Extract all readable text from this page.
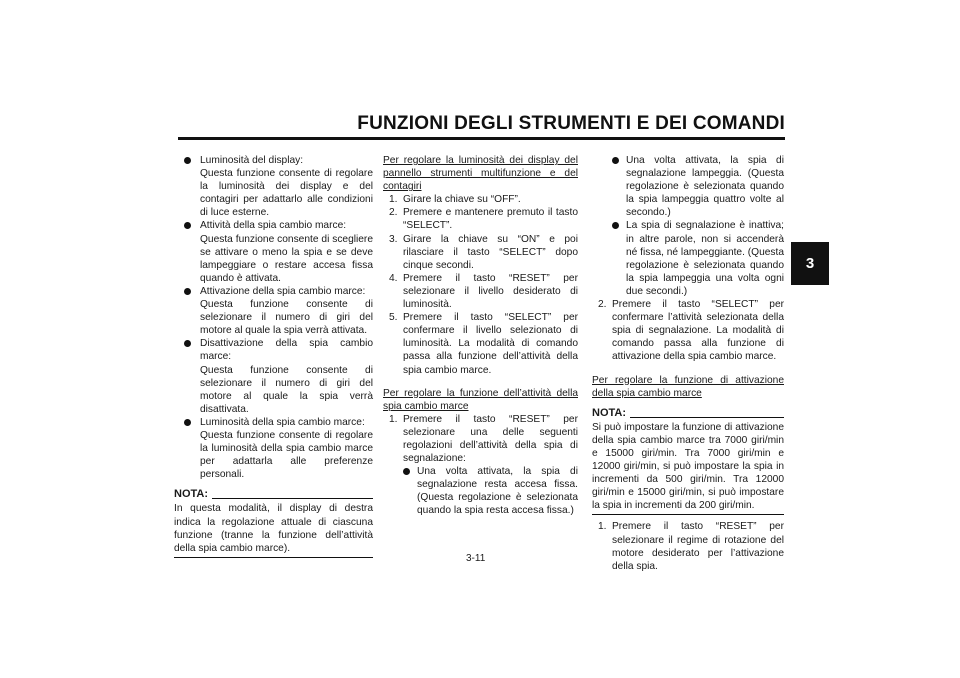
FUNZIONI DEGLI STRUMENTI E DEI COMANDI
3
Luminosità del display:
Questa funzione consente di regolare la luminosità dei display e del contagiri per adattarlo alle condizioni di luce esterne.
Attività della spia cambio marce:
Questa funzione consente di scegliere se attivare o meno la spia e se deve lampeggiare o restare accesa fissa quando è attivata.
Attivazione della spia cambio marce:
Questa funzione consente di selezionare il numero di giri del motore al quale la spia verrà attivata.
Disattivazione della spia cambio marce:
Questa funzione consente di selezionare il numero di giri del motore al quale la spia verrà disattivata.
Luminosità della spia cambio marce:
Questa funzione consente di regolare la luminosità della spia cambio marce per adattarla alle preferenze personali.
NOTA:

In questa modalità, il display di destra indica la regolazione attuale di ciascuna funzione (tranne la funzione dell’attività della spia cambio marce).

Per regolare la luminosità dei display del pannello strumenti multifunzione e del contagiri

1. Girare la chiave su “OFF”.
2. Premere e mantenere premuto il tasto “SELECT”.
3. Girare la chiave su “ON” e poi rilasciare il tasto “SELECT” dopo cinque secondi.
4. Premere il tasto “RESET” per selezionare il livello desiderato di luminosità.
5. Premere il tasto “SELECT” per confermare il livello selezionato di luminosità. La modalità di comando passa alla funzione dell’attività della spia cambio marce.

Per regolare la funzione dell’attività della spia cambio marce

1. Premere il tasto “RESET” per selezionare una delle seguenti regolazioni dell’attività della spia di segnalazione:
Una volta attivata, la spia di segnalazione resta accesa fissa. (Questa regolazione è selezionata quando la spia resta accesa fissa.)
Una volta attivata, la spia di segnalazione lampeggia. (Questa regolazione è selezionata quando la spia lampeggia quattro volte al secondo.)
La spia di segnalazione è inattiva; in altre parole, non si accenderà né fissa, né lampeggiante. (Questa regolazione è selezionata quando la spia lampeggia una volta ogni due secondi.)
2. Premere il tasto “SELECT” per confermare l’attività selezionata della spia di segnalazione. La modalità di comando passa alla funzione di attivazione della spia cambio marce.

Per regolare la funzione di attivazione della spia cambio marce

NOTA:

Si può impostare la funzione di attivazione della spia cambio marce tra 7000 giri/min e 15000 giri/min. Tra 7000 giri/min e 12000 giri/min, si può impostare la spia in incrementi da 500 giri/min. Tra 12000 giri/min e 15000 giri/min, si può impostare la spia in incrementi da 200 giri/min.

1. Premere il tasto “RESET” per selezionare il regime di rotazione del motore desiderato per l’attivazione della spia.
3-11
